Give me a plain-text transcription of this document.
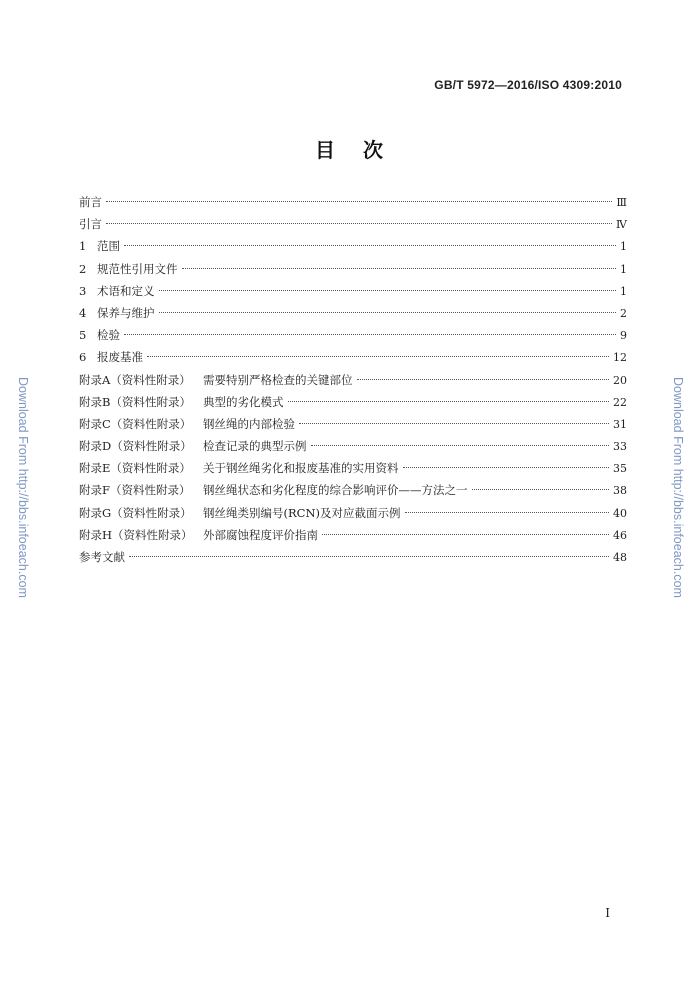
GB/T 5972—2016/ISO 4309:2010
目 次
前言	Ⅲ
引言	Ⅳ
1 范围	1
2 规范性引用文件	1
3 术语和定义	1
4 保养与维护	2
5 检验	9
6 报废基准	12
附录A（资料性附录） 需要特别严格检查的关键部位	20
附录B（资料性附录） 典型的劣化模式	22
附录C（资料性附录） 钢丝绳的内部检验	31
附录D（资料性附录） 检查记录的典型示例	33
附录E（资料性附录） 关于钢丝绳劣化和报废基准的实用资料	35
附录F（资料性附录） 钢丝绳状态和劣化程度的综合影响评价——方法之一	38
附录G（资料性附录） 钢丝绳类别编号(RCN)及对应截面示例	40
附录H（资料性附录） 外部腐蚀程度评价指南	46
参考文献	48
Download From http://bbs.infoeach.com	Download From http://bbs.infoeach.com
I
